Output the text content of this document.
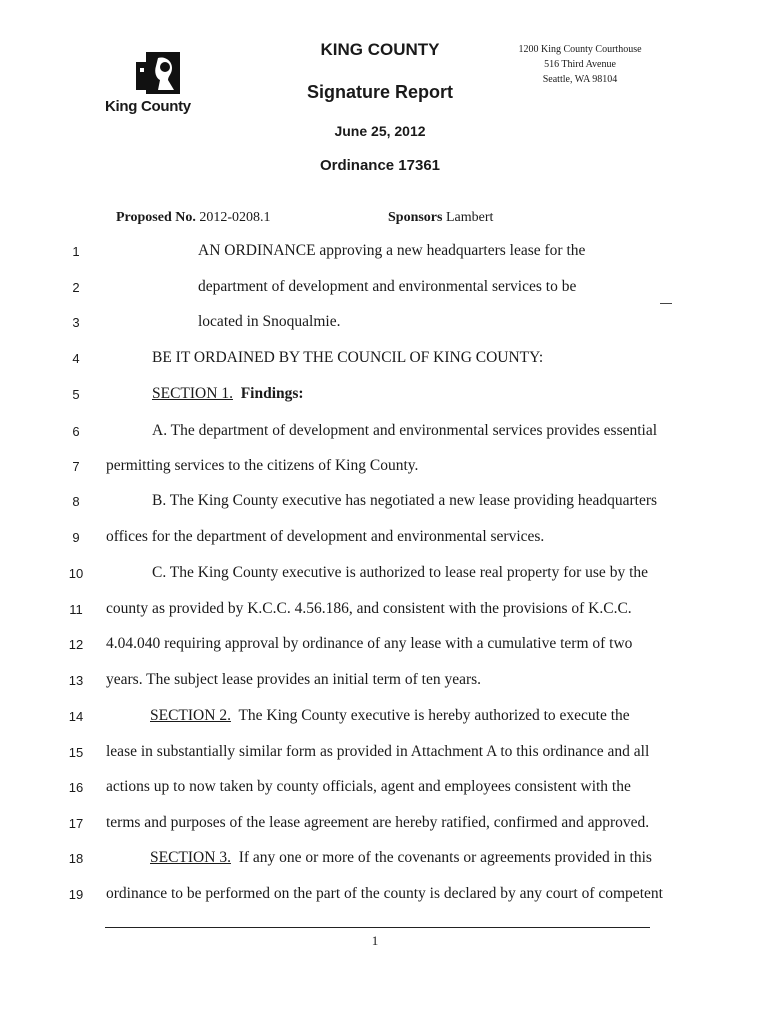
King County
KING COUNTY
Signature Report
June 25, 2012
Ordinance 17361
1200 King County Courthouse
516 Third Avenue
Seattle, WA 98104
Proposed No. 2012-0208.1	Sponsors Lambert
1	AN ORDINANCE approving a new headquarters lease for the
2	department of development and environmental services to be
3	located in Snoqualmie.
4	BE IT ORDAINED BY THE COUNCIL OF KING COUNTY:
5	SECTION 1. Findings:
6	A. The department of development and environmental services provides essential
7	permitting services to the citizens of King County.
8	B. The King County executive has negotiated a new lease providing headquarters
9	offices for the department of development and environmental services.
10	C. The King County executive is authorized to lease real property for use by the
11	county as provided by K.C.C. 4.56.186, and consistent with the provisions of K.C.C.
12	4.04.040 requiring approval by ordinance of any lease with a cumulative term of two
13	years. The subject lease provides an initial term of ten years.
14	SECTION 2. The King County executive is hereby authorized to execute the
15	lease in substantially similar form as provided in Attachment A to this ordinance and all
16	actions up to now taken by county officials, agent and employees consistent with the
17	terms and purposes of the lease agreement are hereby ratified, confirmed and approved.
18	SECTION 3. If any one or more of the covenants or agreements provided in this
19	ordinance to be performed on the part of the county is declared by any court of competent
1
